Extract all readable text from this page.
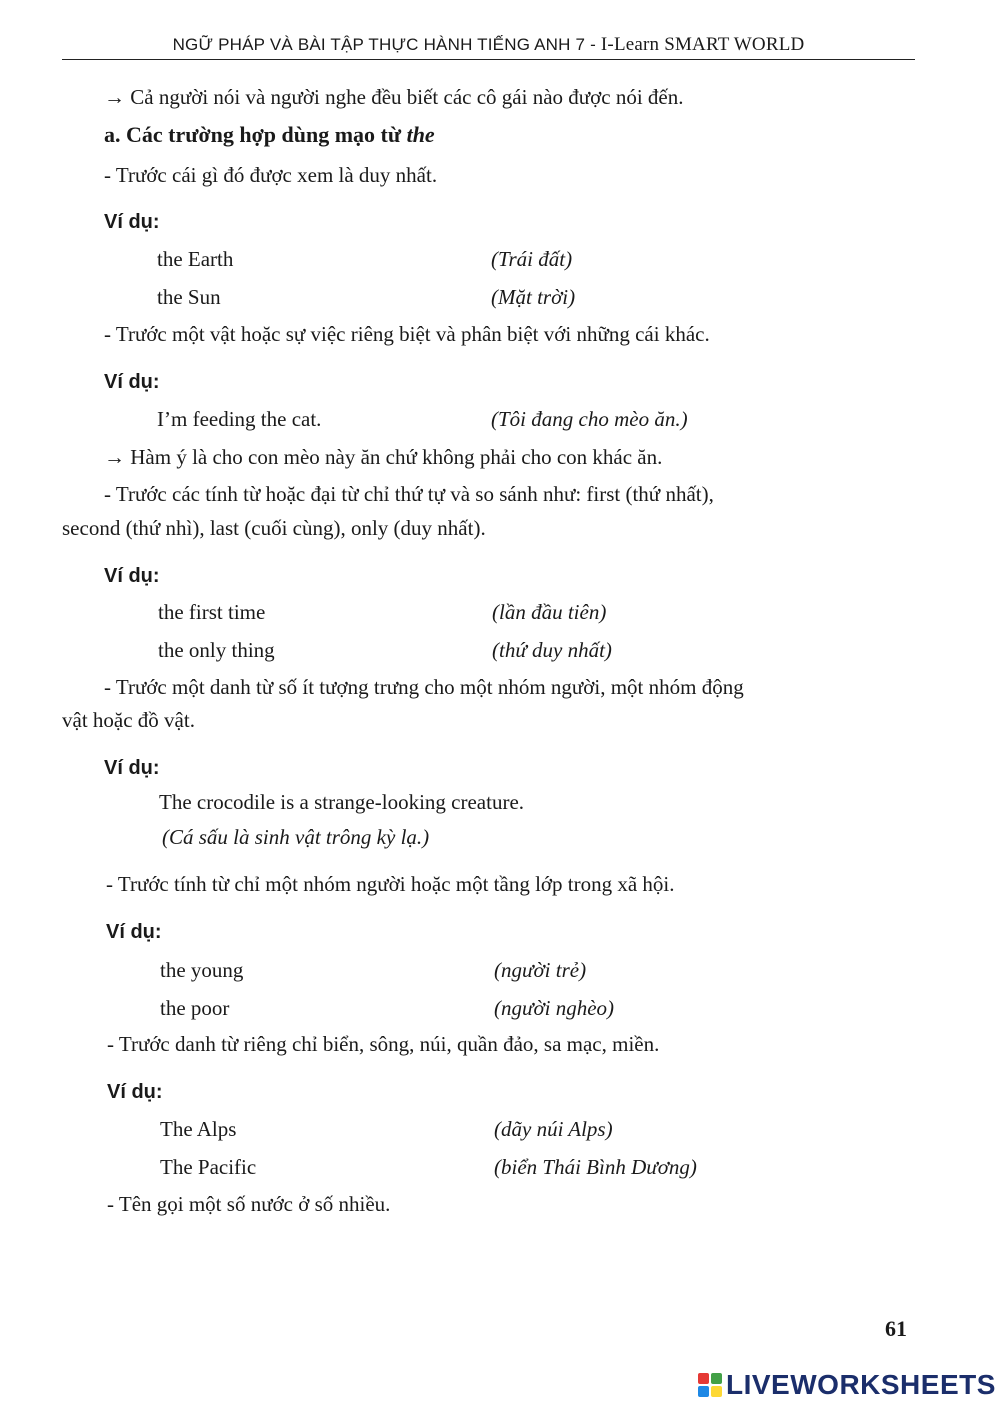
NGỮ PHÁP VÀ BÀI TẬP THỰC HÀNH TIẾNG ANH 7 - I-Learn SMART WORLD
→ Cả người nói và người nghe đều biết các cô gái nào được nói đến.
a. Các trường hợp dùng mạo từ the
- Trước cái gì đó được xem là duy nhất.
Ví dụ:
the Earth	(Trái đất)
the Sun	(Mặt trời)
- Trước một vật hoặc sự việc riêng biệt và phân biệt với những cái khác.
Ví dụ:
I’m feeding the cat.	(Tôi đang cho mèo ăn.)
→ Hàm ý là cho con mèo này ăn chứ không phải cho con khác ăn.
- Trước các tính từ hoặc đại từ chỉ thứ tự và so sánh như: first (thứ nhất),
second (thứ nhì), last (cuối cùng), only (duy nhất).
Ví dụ:
the first time	(lần đầu tiên)
the only thing	(thứ duy nhất)
- Trước một danh từ số ít tượng trưng cho một nhóm người, một nhóm động
vật hoặc đồ vật.
Ví dụ:
The crocodile is a strange-looking creature.
(Cá sấu là sinh vật trông kỳ lạ.)
- Trước tính từ chỉ một nhóm người hoặc một tầng lớp trong xã hội.
Ví dụ:
the young	(người trẻ)
the poor	(người nghèo)
- Trước danh từ riêng chỉ biển, sông, núi, quần đảo, sa mạc, miền.
Ví dụ:
The Alps	(dãy núi Alps)
The Pacific	(biển Thái Bình Dương)
- Tên gọi một số nước ở số nhiều.
61
LIVEWORKSHEETS
